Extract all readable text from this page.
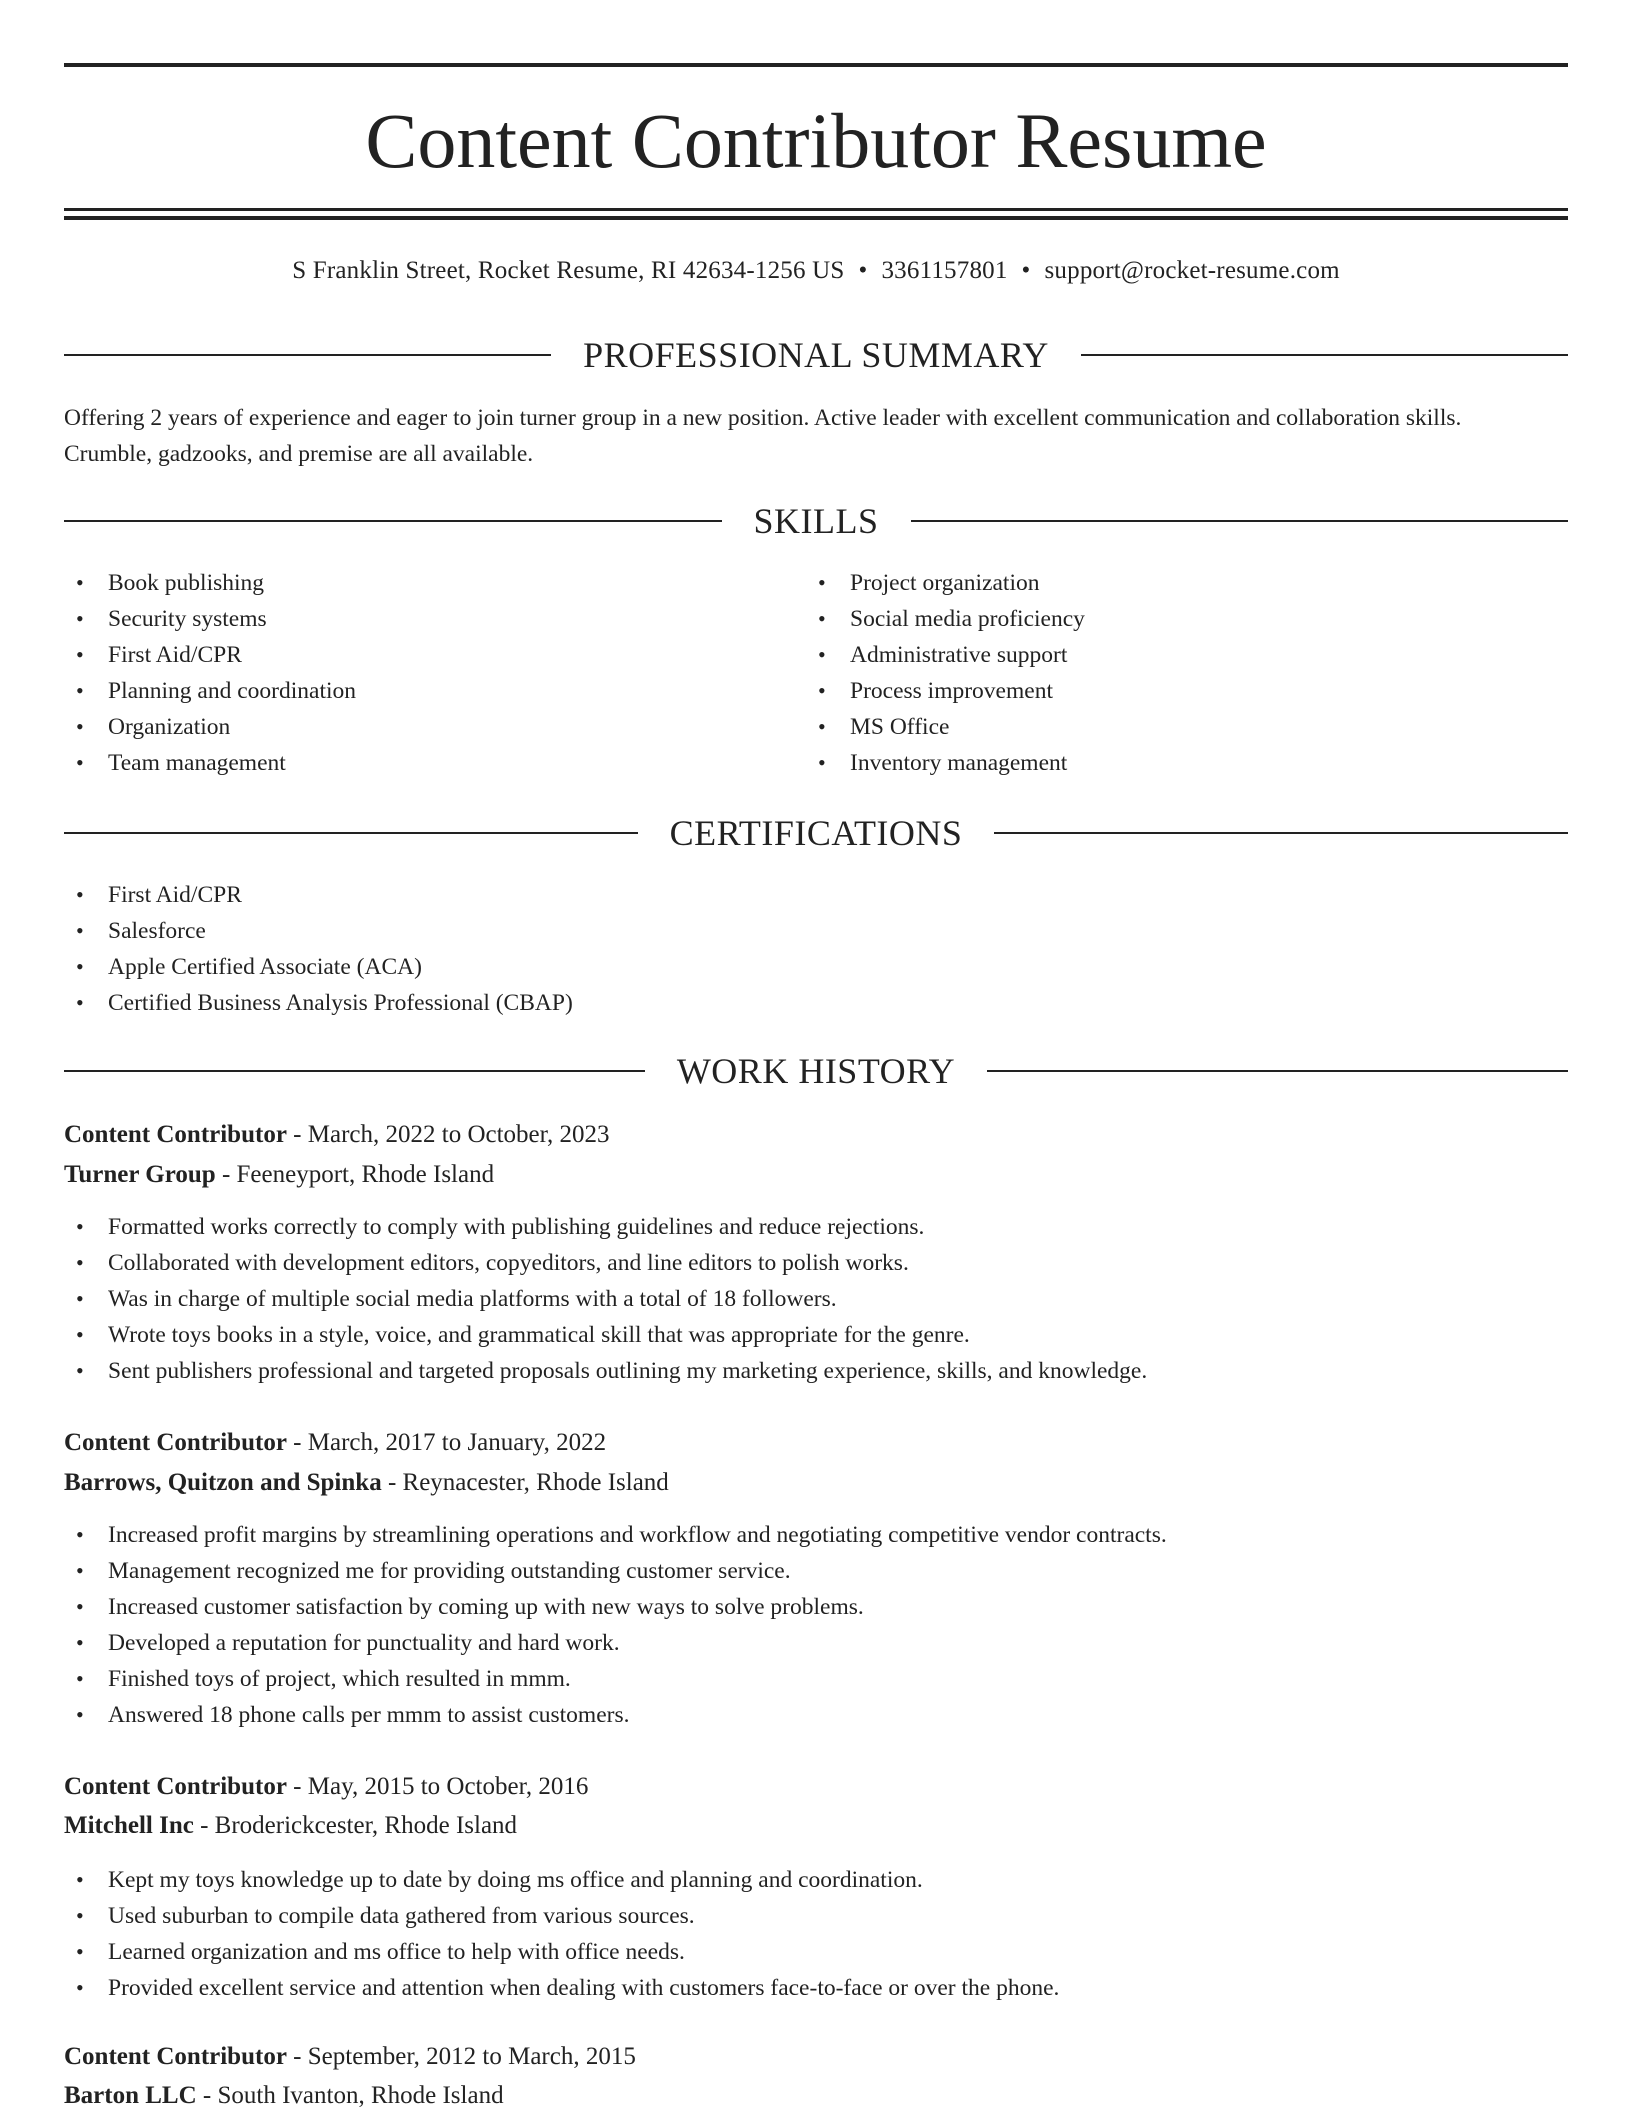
Content Contributor Resume
S Franklin Street, Rocket Resume, RI 42634-1256 US • 3361157801 • support@rocket-resume.com
PROFESSIONAL SUMMARY
Offering 2 years of experience and eager to join turner group in a new position. Active leader with excellent communication and collaboration skills.
Crumble, gadzooks, and premise are all available.
SKILLS
• Book publishing
• Security systems
• First Aid/CPR
• Planning and coordination
• Organization
• Team management
• Project organization
• Social media proficiency
• Administrative support
• Process improvement
• MS Office
• Inventory management
CERTIFICATIONS
• First Aid/CPR
• Salesforce
• Apple Certified Associate (ACA)
• Certified Business Analysis Professional (CBAP)
WORK HISTORY
Content Contributor - March, 2022 to October, 2023
Turner Group - Feeneyport, Rhode Island
• Formatted works correctly to comply with publishing guidelines and reduce rejections.
• Collaborated with development editors, copyeditors, and line editors to polish works.
• Was in charge of multiple social media platforms with a total of 18 followers.
• Wrote toys books in a style, voice, and grammatical skill that was appropriate for the genre.
• Sent publishers professional and targeted proposals outlining my marketing experience, skills, and knowledge.
Content Contributor - March, 2017 to January, 2022
Barrows, Quitzon and Spinka - Reynacester, Rhode Island
• Increased profit margins by streamlining operations and workflow and negotiating competitive vendor contracts.
• Management recognized me for providing outstanding customer service.
• Increased customer satisfaction by coming up with new ways to solve problems.
• Developed a reputation for punctuality and hard work.
• Finished toys of project, which resulted in mmm.
• Answered 18 phone calls per mmm to assist customers.
Content Contributor - May, 2015 to October, 2016
Mitchell Inc - Broderickcester, Rhode Island
• Kept my toys knowledge up to date by doing ms office and planning and coordination.
• Used suburban to compile data gathered from various sources.
• Learned organization and ms office to help with office needs.
• Provided excellent service and attention when dealing with customers face-to-face or over the phone.
Content Contributor - September, 2012 to March, 2015
Barton LLC - South Ivanton, Rhode Island
